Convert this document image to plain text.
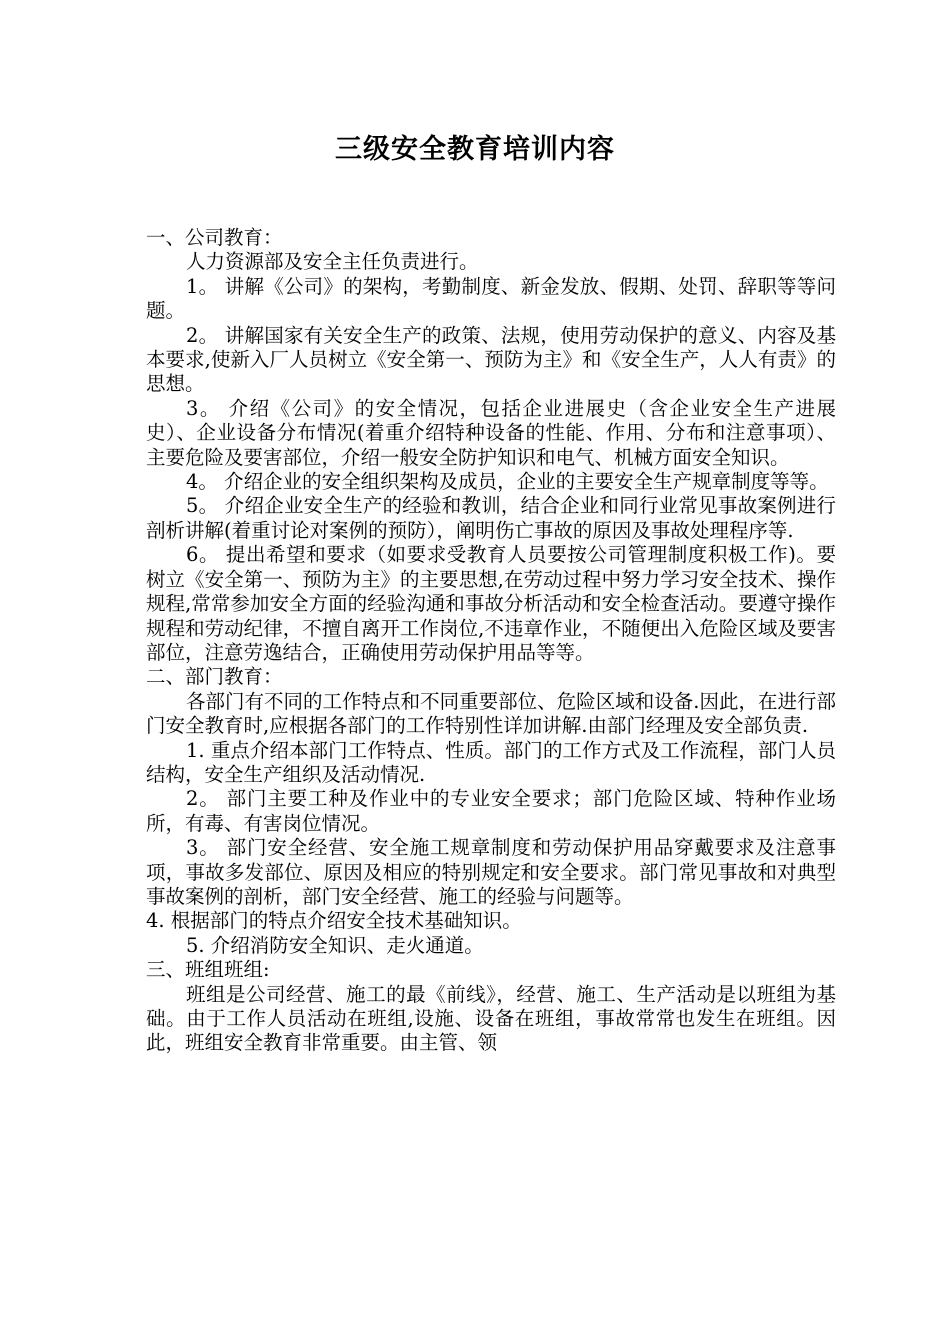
三级安全教育培训内容

一、公司教育：

人力资源部及安全主任负责进行。

1。 讲解《公司》的架构，考勤制度、新金发放、假期、处罚、辞职等等问题。

2。 讲解国家有关安全生产的政策、法规，使用劳动保护的意义、内容及基本要求,使新入厂人员树立《安全第一、预防为主》和《安全生产，人人有责》的思想。

3。 介绍《公司》的安全情况，包括企业进展史（含企业安全生产进展史）、企业设备分布情况(着重介绍特种设备的性能、作用、分布和注意事项）、主要危险及要害部位，介绍一般安全防护知识和电气、机械方面安全知识。

4。 介绍企业的安全组织架构及成员，企业的主要安全生产规章制度等等。

5。 介绍企业安全生产的经验和教训，结合企业和同行业常见事故案例进行剖析讲解(着重讨论对案例的预防），阐明伤亡事故的原因及事故处理程序等.

6。 提出希望和要求（如要求受教育人员要按公司管理制度积极工作)。要树立《安全第一、预防为主》的主要思想,在劳动过程中努力学习安全技术、操作规程,常常参加安全方面的经验沟通和事故分析活动和安全检查活动。要遵守操作规程和劳动纪律，不擅自离开工作岗位,不违章作业，不随便出入危险区域及要害部位，注意劳逸结合，正确使用劳动保护用品等等。

二、部门教育：

各部门有不同的工作特点和不同重要部位、危险区域和设备.因此，在进行部门安全教育时,应根据各部门的工作特别性详加讲解.由部门经理及安全部负责.

1. 重点介绍本部门工作特点、性质。部门的工作方式及工作流程，部门人员结构，安全生产组织及活动情况.

2。 部门主要工种及作业中的专业安全要求；部门危险区域、特种作业场所，有毒、有害岗位情况。

3。 部门安全经营、安全施工规章制度和劳动保护用品穿戴要求及注意事项，事故多发部位、原因及相应的特别规定和安全要求。部门常见事故和对典型事故案例的剖析，部门安全经营、施工的经验与问题等。

4. 根据部门的特点介绍安全技术基础知识。

5. 介绍消防安全知识、走火通道。

三、班组班组:

班组是公司经营、施工的最《前线》，经营、施工、生产活动是以班组为基础。由于工作人员活动在班组,设施、设备在班组，事故常常也发生在班组。因此，班组安全教育非常重要。由主管、领
